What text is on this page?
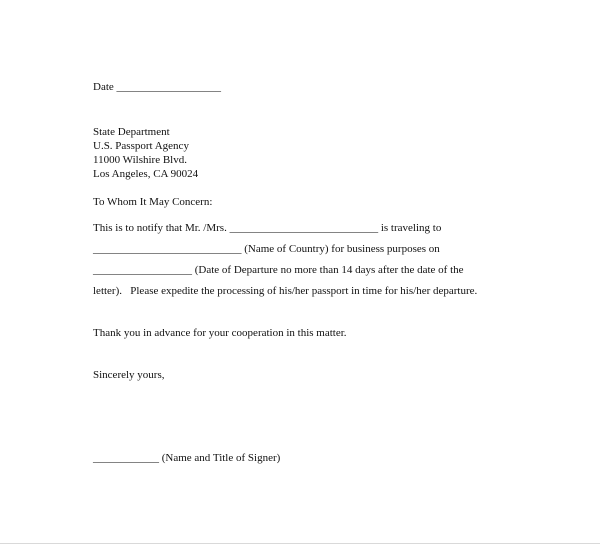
Date ___________________
State Department
U.S. Passport Agency
11000 Wilshire Blvd.
Los Angeles, CA 90024
To Whom It May Concern:
This is to notify that Mr. /Mrs. ___________________________ is traveling to
___________________________ (Name of Country) for business purposes on
__________________ (Date of Departure no more than 14 days after the date of the
letter).   Please expedite the processing of his/her passport in time for his/her departure.
Thank you in advance for your cooperation in this matter.
Sincerely yours,
____________ (Name and Title of Signer)
